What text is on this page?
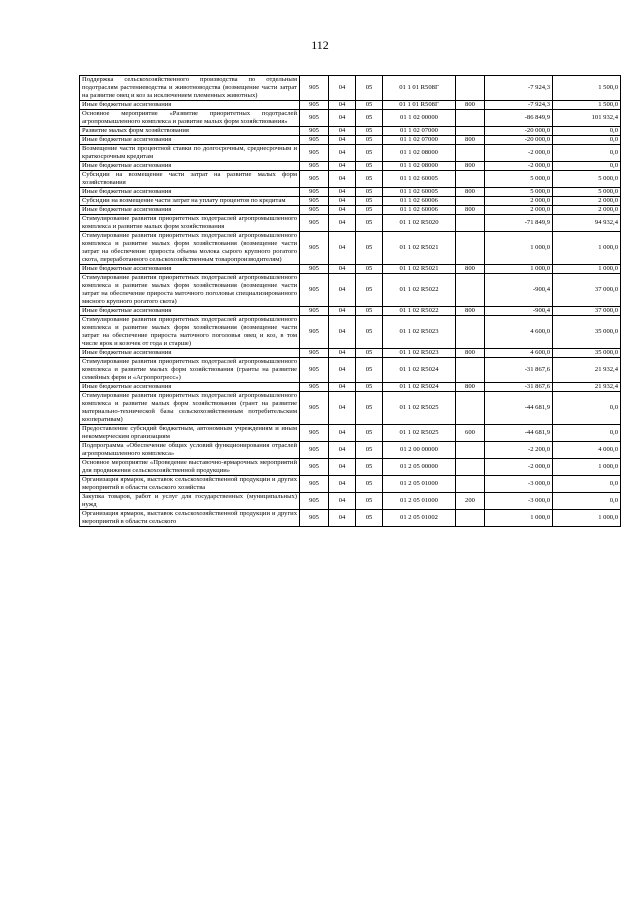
112
Поддержка сельскохозяйственного производства по отдельным подотраслям растениеводства и животноводства (возмещение части затрат на развитие овец и коз за исключением племенных животных)	905	04	05	01 1 01 R508Г		-7 924,3	1 500,0
Иные бюджетные ассигнования	905	04	05	01 1 01 R508Г	800	-7 924,3	1 500,0
Основное мероприятие «Развитие приоритетных подотраслей агропромышленного комплекса и развитие малых форм хозяйствования»	905	04	05	01 1 02 00000		-86 849,9	101 932,4
Развитие малых форм хозяйствования	905	04	05	01 1 02 07000		-20 000,0	0,0
Иные бюджетные ассигнования	905	04	05	01 1 02 07000	800	-20 000,0	0,0
Возмещение части процентной ставки по долгосрочным, среднесрочным и краткосрочным кредитам	905	04	05	01 1 02 08000		-2 000,0	0,0
Иные бюджетные ассигнования	905	04	05	01 1 02 08000	800	-2 000,0	0,0
Субсидии на возмещение части затрат на развитие малых форм хозяйствования	905	04	05	01 1 02 60005		5 000,0	5 000,0
Иные бюджетные ассигнования	905	04	05	01 1 02 60005	800	5 000,0	5 000,0
Субсидии на возмещение части затрат на уплату процентов по кредитам	905	04	05	01 1 02 60006		2 000,0	2 000,0
Иные бюджетные ассигнования	905	04	05	01 1 02 60006	800	2 000,0	2 000,0
Стимулирование развития приоритетных подотраслей агропромышленного комплекса и развитие малых форм хозяйствования	905	04	05	01 1 02 R5020		-71 849,9	94 932,4
Стимулирование развития приоритетных подотраслей агропромышленного комплекса и развитие малых форм хозяйствования (возмещение части затрат на обеспечение прироста объема молока сырого крупного рогатого скота, переработанного сельскохозяйственным товаропроизводителям)	905	04	05	01 1 02 R5021		1 000,0	1 000,0
Иные бюджетные ассигнования	905	04	05	01 1 02 R5021	800	1 000,0	1 000,0
Стимулирование развития приоритетных подотраслей агропромышленного комплекса и развитие малых форм хозяйствования (возмещение части затрат на обеспечение прироста маточного поголовья специализированного мясного крупного рогатого скота)	905	04	05	01 1 02 R5022		-900,4	37 000,0
Иные бюджетные ассигнования	905	04	05	01 1 02 R5022	800	-900,4	37 000,0
Стимулирование развития приоритетных подотраслей агропромышленного комплекса и развитие малых форм хозяйствования (возмещение части затрат на обеспечение прироста маточного поголовья овец и коз, в том числе ярок и козочек от года и старше)	905	04	05	01 1 02 R5023		4 600,0	35 000,0
Иные бюджетные ассигнования	905	04	05	01 1 02 R5023	800	4 600,0	35 000,0
Стимулирование развития приоритетных подотраслей агропромышленного комплекса и развитие малых форм хозяйствования (гранты на развитие семейных ферм и «Агропрогресс»)	905	04	05	01 1 02 R5024		-31 867,6	21 932,4
Иные бюджетные ассигнования	905	04	05	01 1 02 R5024	800	-31 867,6	21 932,4
Стимулирование развития приоритетных подотраслей агропромышленного комплекса и развитие малых форм хозяйствования (грант на развитие материально-технической базы сельскохозяйственным потребительским кооперативам)	905	04	05	01 1 02 R5025		-44 681,9	0,0
Предоставление субсидий бюджетным, автономным учреждениям и иным некоммерческим организациям	905	04	05	01 1 02 R5025	600	-44 681,9	0,0
Подпрограмма «Обеспечение общих условий функционирования отраслей агропромышленного комплекса»	905	04	05	01 2 00 00000		-2 200,0	4 000,0
Основное мероприятие «Проведение выставочно-ярмарочных мероприятий для продвижения сельскохозяйственной продукции»	905	04	05	01 2 05 00000		-2 000,0	1 000,0
Организация ярмарок, выставок сельскохозяйственной продукции и других мероприятий в области сельского хозяйства	905	04	05	01 2 05 01000		-3 000,0	0,0
Закупка товаров, работ и услуг для государственных (муниципальных) нужд	905	04	05	01 2 05 01000	200	-3 000,0	0,0
Организация ярмарок, выставок сельскохозяйственной продукции и других мероприятий в области сельского	905	04	05	01 2 05 01002		1 000,0	1 000,0
